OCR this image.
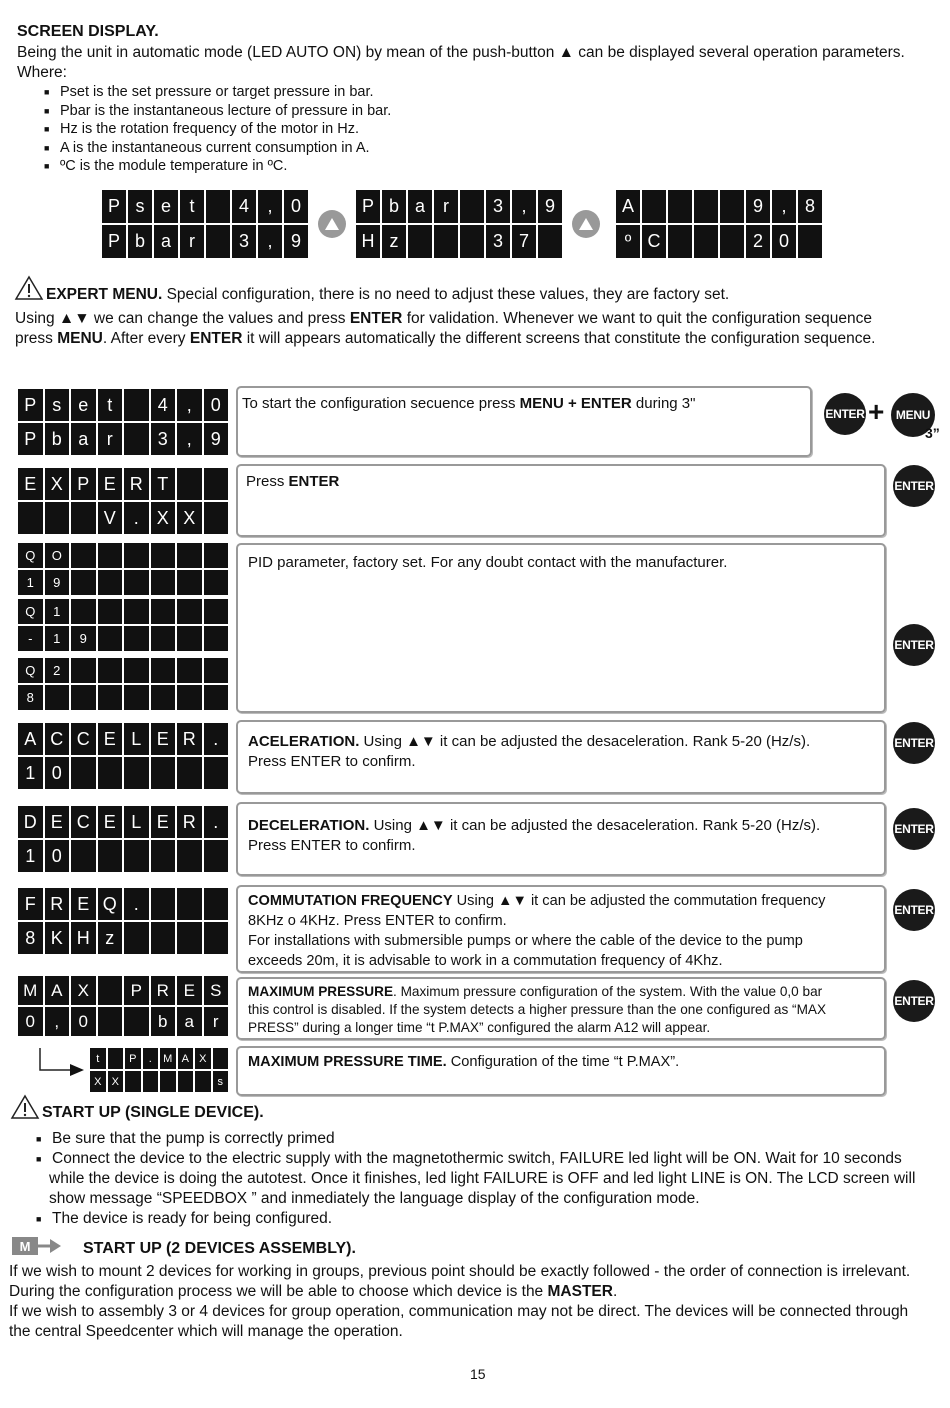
SCREEN DISPLAY.
Being the unit in automatic mode (LED AUTO ON) by mean of the push-button ▲ can be displayed several operation parameters.
Where:
■ Pset is the set pressure or target pressure in bar.
■ Pbar is the instantaneous lecture of pressure in bar.
■ Hz is the rotation frequency of the motor in Hz.
■ A is the instantaneous current consumption in A.
■ ºC is the module temperature in ºC.
P s e	t	4	,	0
P b a	r	3	,	9
P b a	r	3	,	9
H z	3 7
A	9	,	8
º C	2 0
EXPERT MENU. Special configuration, there is no need to adjust these values, they are factory set.
Using ▲▼ we can change the values and press ENTER for validation. Whenever we want to quit the configuration sequence
press MENU. After every ENTER it will appears automatically the different screens that constitute the configuration sequence.
P s e	t	4	,	0
P b a	r	3	,	9
To start the configuration secuence press MENU + ENTER during 3"
ENTER + MENU
3”
E X P E R T
V . X X
Press ENTER	ENTER
Q	O
1	9
Q	1
-	1	9
Q	2
8
PID parameter, factory set. For any doubt contact with the manufacturer.
ENTER
A C C E L E R .
1 0
ACELERATION. Using ▲▼ it can be adjusted the desaceleration. Rank 5-20 (Hz/s).
Press ENTER to confirm.
ENTER
D E C E L E R .
1 0
DECELERATION. Using ▲▼ it can be adjusted the desaceleration. Rank 5-20 (Hz/s).
Press ENTER to confirm.
ENTER
F R E Q .
8 K H z
COMMUTATION FREQUENCY Using ▲▼ it can be adjusted the commutation frequency
8KHz o 4KHz. Press ENTER to confirm.
For installations with submersible pumps or where the cable of the device to the pump
exceeds 20m, it is advisable to work in a commutation frequency of 4Khz.
ENTER
M A X	P R E S
0	,	0	b	a	r
MAXIMUM PRESSURE. Maximum pressure configuration of the system. With the value 0,0 bar
this control is disabled. If the system detects a higher pressure than the one configured as “MAX
PRESS” during a longer time “t P.MAX” configured the alarm A12 will appear.
ENTER
t	P	.	M A X
X X	s
MAXIMUM PRESSURE TIME. Configuration of the time “t P.MAX”.
START UP (SINGLE DEVICE).
■ Be sure that the pump is correctly primed
■ Connect the device to the electric supply with the magnetothermic switch, FAILURE led light will be ON. Wait for 10 seconds
while the device is doing the autotest. Once it finishes, led light FAILURE is OFF and led light LINE is ON. The LCD screen will
show message “SPEEDBOX ” and inmediately the language display of the configuration mode.
■ The device is ready for being configured.
M	START UP (2 DEVICES ASSEMBLY).
If we wish to mount 2 devices for working in groups, previous point should be exactly followed - the order of connection is irrelevant.
During the configuration process we will be able to choose which device is the MASTER.
If we wish to assembly 3 or 4 devices for group operation, communication may not be direct. The devices will be connected through
the central Speedcenter which will manage the operation.
15
